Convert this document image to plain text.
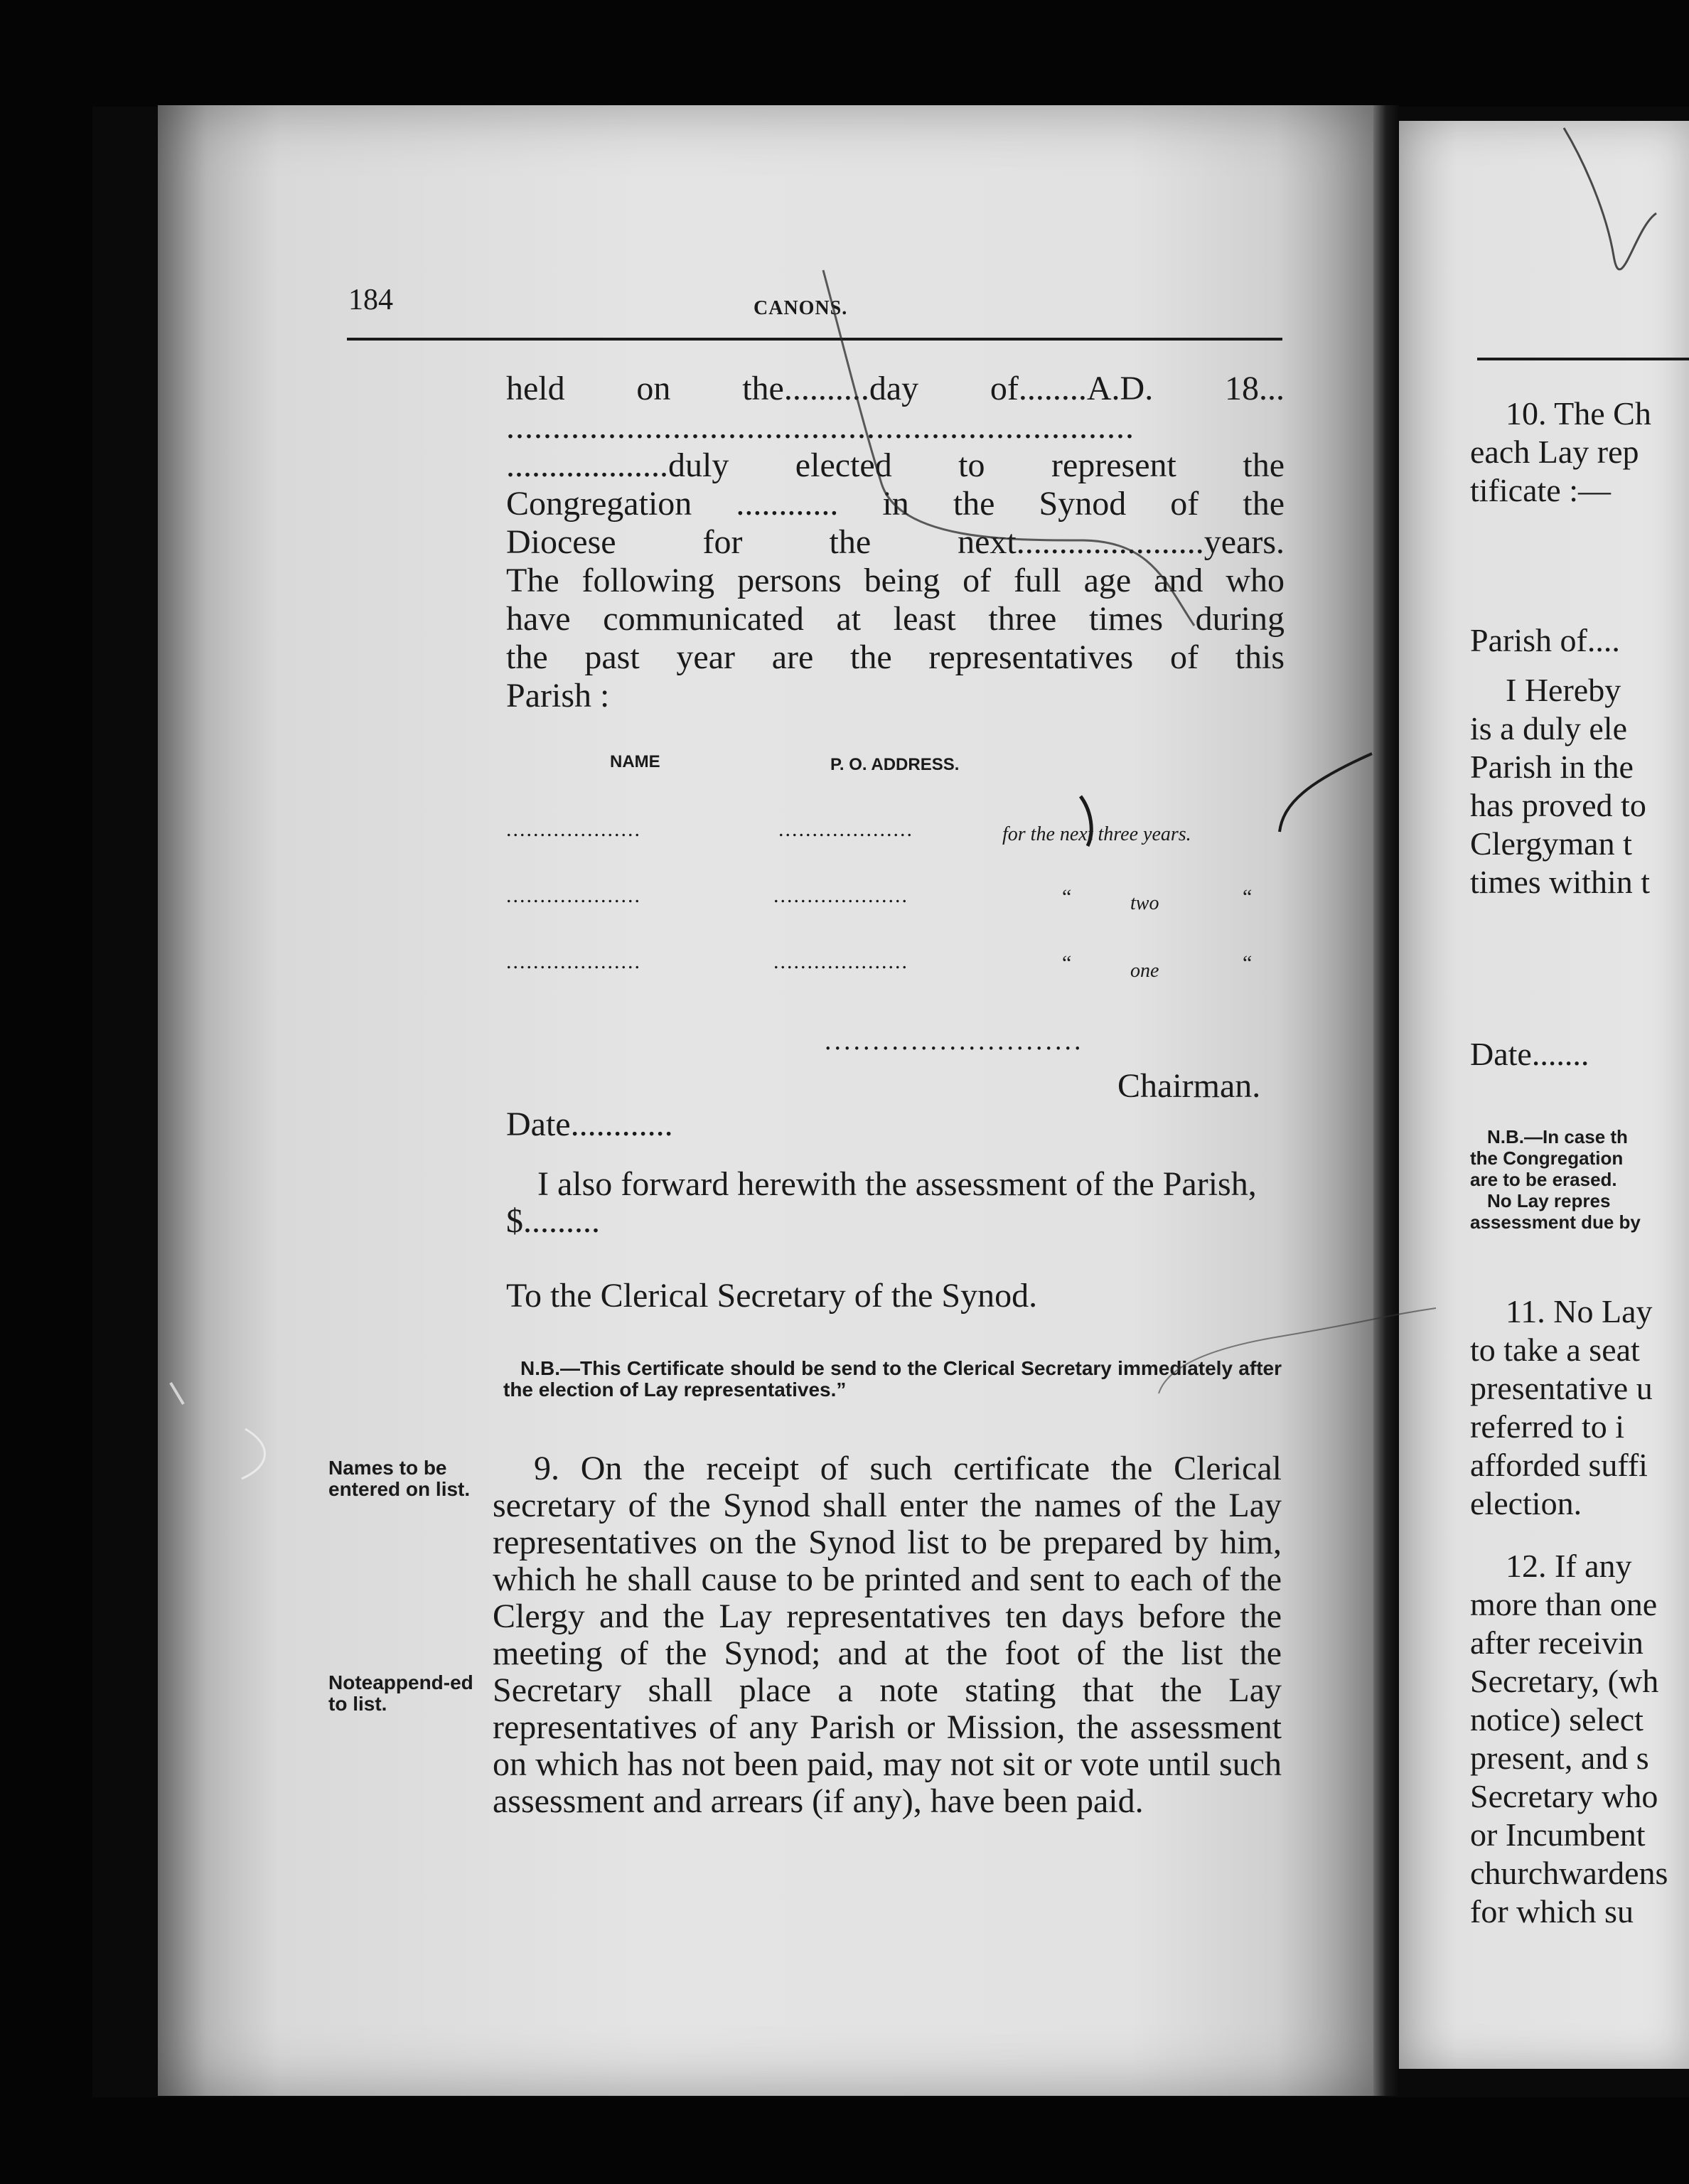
184	CANONS.
held on the..........day of........A.D. 18...
....................................................................
...................duly elected to represent the
Congregation ............ in the Synod of the
Diocese for the next......................years.
The following persons being of full age and who
have communicated at least three times during
the past year are the representatives of this
Parish :
NAME	P. O. ADDRESS.
....................	....................	for the next three years.
....................	....................	“	two	“
....................	....................	“	one	“
...........................
Chairman.
Date............
I also forward herewith the assessment of the Parish, $.........
To the Clerical Secretary of the Synod.
N.B.—This Certificate should be send to the Clerical Secretary immediately after the election of Lay representatives.”
Names to be entered on list.
Noteappend-ed to list.

9. On the receipt of such certificate the Clerical secretary of the Synod shall enter the names of the Lay representatives on the Synod list to be prepared by him, which he shall cause to be printed and sent to each of the Clergy and the Lay representatives ten days before the meeting of the Synod; and at the foot of the list the Secretary shall place a note stating that the Lay representatives of any Parish or Mission, the assessment on which has not been paid, may not sit or vote until such assessment and arrears (if any), have been paid.

10. The Ch
each Lay rep
tificate :—
Parish of....
I Hereby
is a duly ele
Parish in the
has proved to
Clergyman t
times within t
Date.......
N.B.—In case th
the Congregation
are to be erased.
No Lay repres
assessment due by
11. No Lay
to take a seat
presentative u
referred to i
afforded suffi
election.
12. If any
more than one
after receivin
Secretary, (wh
notice) select
present, and s
Secretary who
or Incumbent
churchwardens
for which su
